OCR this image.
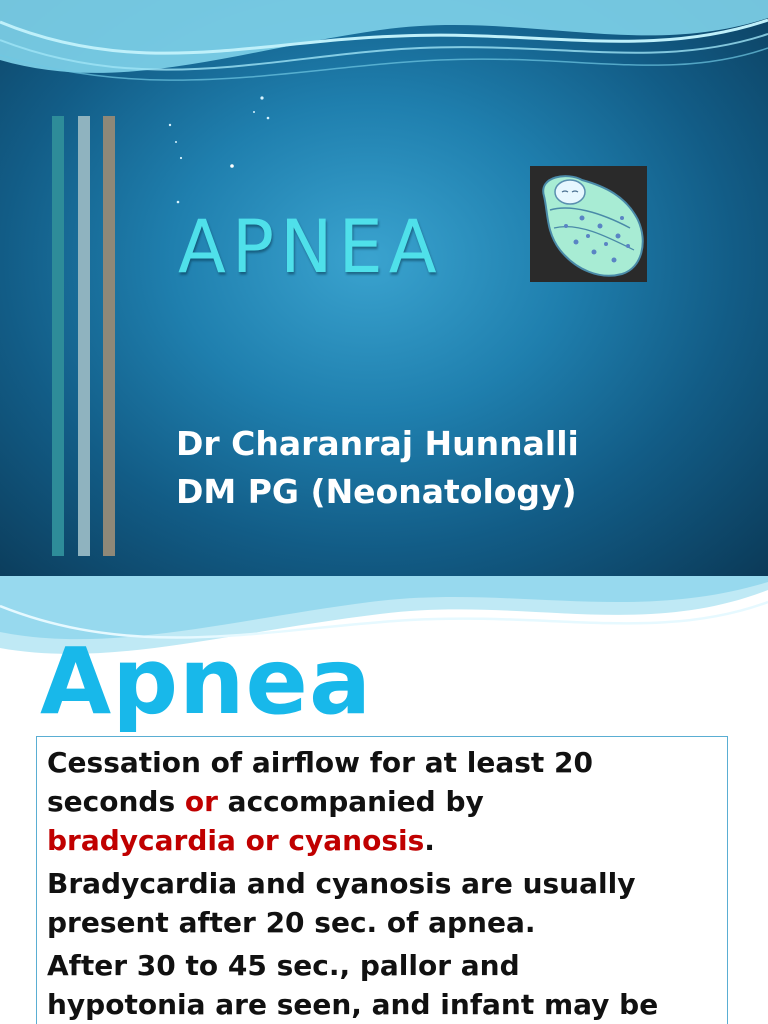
APNEA
Dr Charanraj Hunnalli
DM PG (Neonatology)
Apnea

Cessation of airflow for at least 20
seconds or accompanied by
bradycardia or cyanosis.

Bradycardia and cyanosis are usually
present after 20 sec. of apnea.

After 30 to 45 sec., pallor and
hypotonia are seen, and infant may be
